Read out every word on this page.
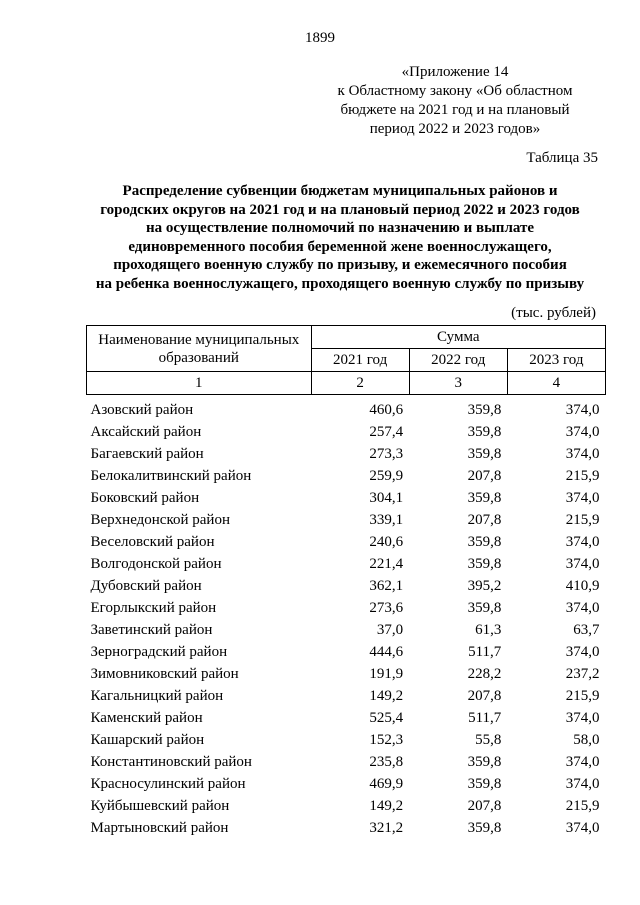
1899
«Приложение 14
к Областному закону «Об областном
бюджете на 2021 год и на плановый
период 2022 и 2023 годов»
Таблица 35
Распределение субвенции бюджетам муниципальных районов и
городских округов на 2021 год и на плановый период 2022 и 2023 годов
на осуществление полномочий по назначению и выплате
единовременного пособия беременной жене военнослужащего,
проходящего военную службу по призыву, и ежемесячного пособия
на ребенка военнослужащего, проходящего военную службу по призыву
(тыс. рублей)
Наименование муниципальных образований	Сумма		
	2021 год	2022 год	2023 год
1	2	3	4

Азовский район	460,6	359,8	374,0
Аксайский район	257,4	359,8	374,0
Багаевский район	273,3	359,8	374,0
Белокалитвинский район	259,9	207,8	215,9
Боковский район	304,1	359,8	374,0
Верхнедонской район	339,1	207,8	215,9
Веселовский район	240,6	359,8	374,0
Волгодонской район	221,4	359,8	374,0
Дубовский район	362,1	395,2	410,9
Егорлыкский район	273,6	359,8	374,0
Заветинский район	37,0	61,3	63,7
Зерноградский район	444,6	511,7	374,0
Зимовниковский район	191,9	228,2	237,2
Кагальницкий район	149,2	207,8	215,9
Каменский район	525,4	511,7	374,0
Кашарский район	152,3	55,8	58,0
Константиновский район	235,8	359,8	374,0
Красносулинский район	469,9	359,8	374,0
Куйбышевский район	149,2	207,8	215,9
Мартыновский район	321,2	359,8	374,0
